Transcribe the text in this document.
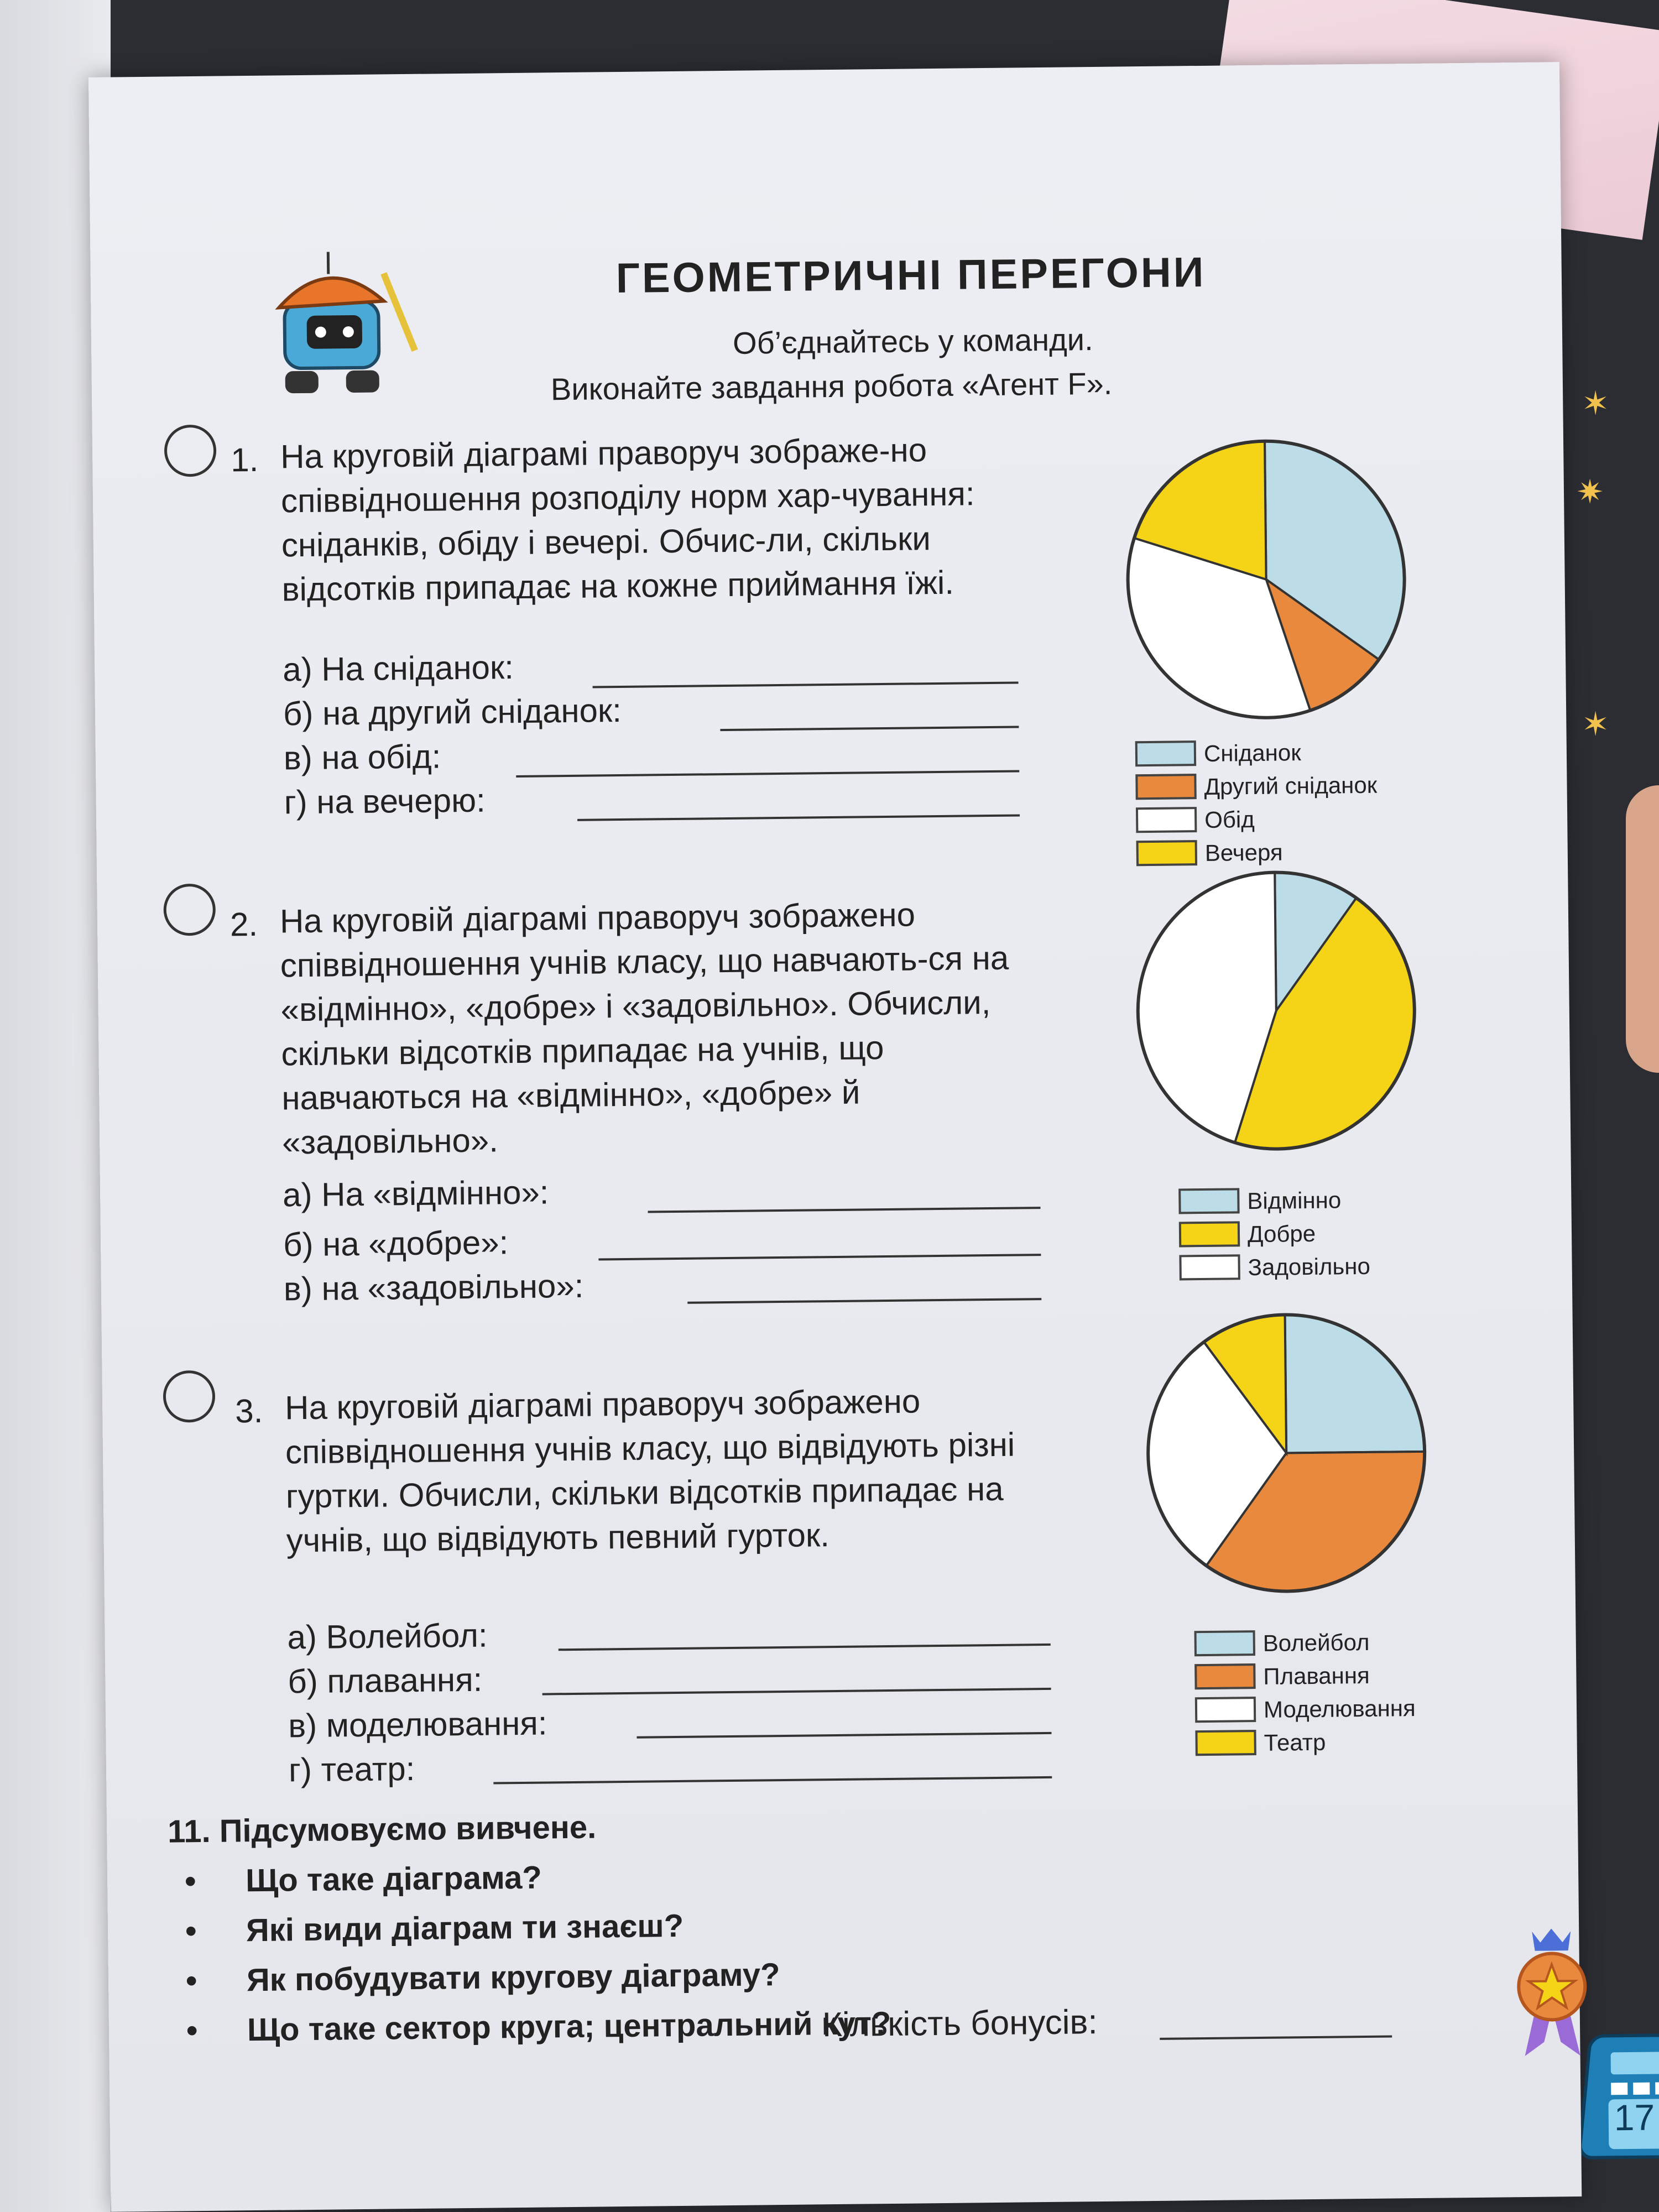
✶
✷
✶
ГЕОМЕТРИЧНІ ПЕРЕГОНИ
Об’єднайтесь у команди.
Виконайте завдання робота «Агент F».
1. На круговій діаграмі праворуч зображе-но співвідношення розподілу норм хар-чування: сніданків, обіду і вечері. Обчис-ли, скільки відсотків припадає на кожне приймання їжі.
а) На сніданок:
б) на другий сніданок:
в) на обід:
г) на вечерю:
Сніданок
Другий сніданок
Обід
Вечеря
2. На круговій діаграмі праворуч зображено співвідношення учнів класу, що навчають-ся на «відмінно», «добре» і «задовільно». Обчисли, скільки відсотків припадає на учнів, що навчаються на «відмінно», «добре» й «задовільно».
а) На «відмінно»:
б) на «добре»:
в) на «задовільно»:
Відмінно
Добре
Задовільно
3. На круговій діаграмі праворуч зображено співвідношення учнів класу, що відвідують різні гуртки. Обчисли, скільки відсотків припадає на учнів, що відвідують певний гурток.
а) Волейбол:
б) плавання:
в) моделювання:
г) театр:
Волейбол
Плавання
Моделювання
Театр
11. Підсумовуємо вивчене.
• Що таке діаграма?
• Які види діаграм ти знаєш?
• Як побудувати кругову діаграму?
• Що таке сектор круга; центральний кут?
Кількість бонусів:
17
